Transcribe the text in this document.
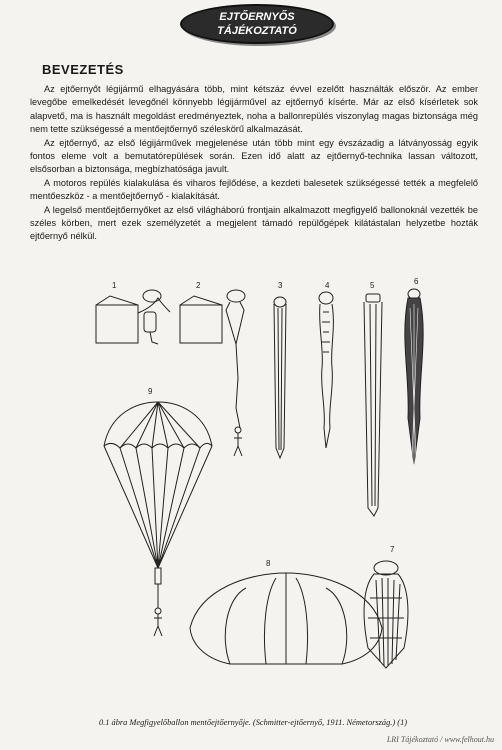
EJTŐERNYŐS
TÁJÉKOZTATÓ
BEVEZETÉS

Az ejtőernyőt légijármű elhagyására több, mint kétszáz évvel ezelőtt használták először. Az ember levegőbe emelkedését levegőnél könnyebb légijárművel az ejtőernyő kísérte. Már az első kísérletek sok alapvető, ma is használt megoldást eredményeztek, noha a ballonrepülés viszonylag magas biztonsága még nem tette szükségessé a mentőejtőernyő széleskörű alkalmazását.

Az ejtőernyő, az első légijárművek megjelenése után több mint egy évszázadig a látványosság egyik fontos eleme volt a bemutatórepülések során. Ezen idő alatt az ejtőernyő-technika lassan változott, elsősorban a biztonsága, megbízhatósága javult.

A motoros repülés kialakulása és viharos fejlődése, a kezdeti balesetek szükségessé tették a megfelelő mentőeszköz - a mentőejtőernyő - kialakítását.

A legelső mentőejtőernyőket az első világháború frontjain alkalmazott megfigyelő ballonoknál vezették be széles körben, mert ezek személyzetét a megjelent támadó repülőgépek kilátástalan helyzetbe hozták ejtőernyő nélkül.

1	2	3	4	5	6
7
8
9
0.1 ábra Megfigyelőballon mentőejtőernyője. (Schmitter-ejtőernyő, 1911. Németország.) (1)
LRI Tájékoztató / www.felhout.hu
